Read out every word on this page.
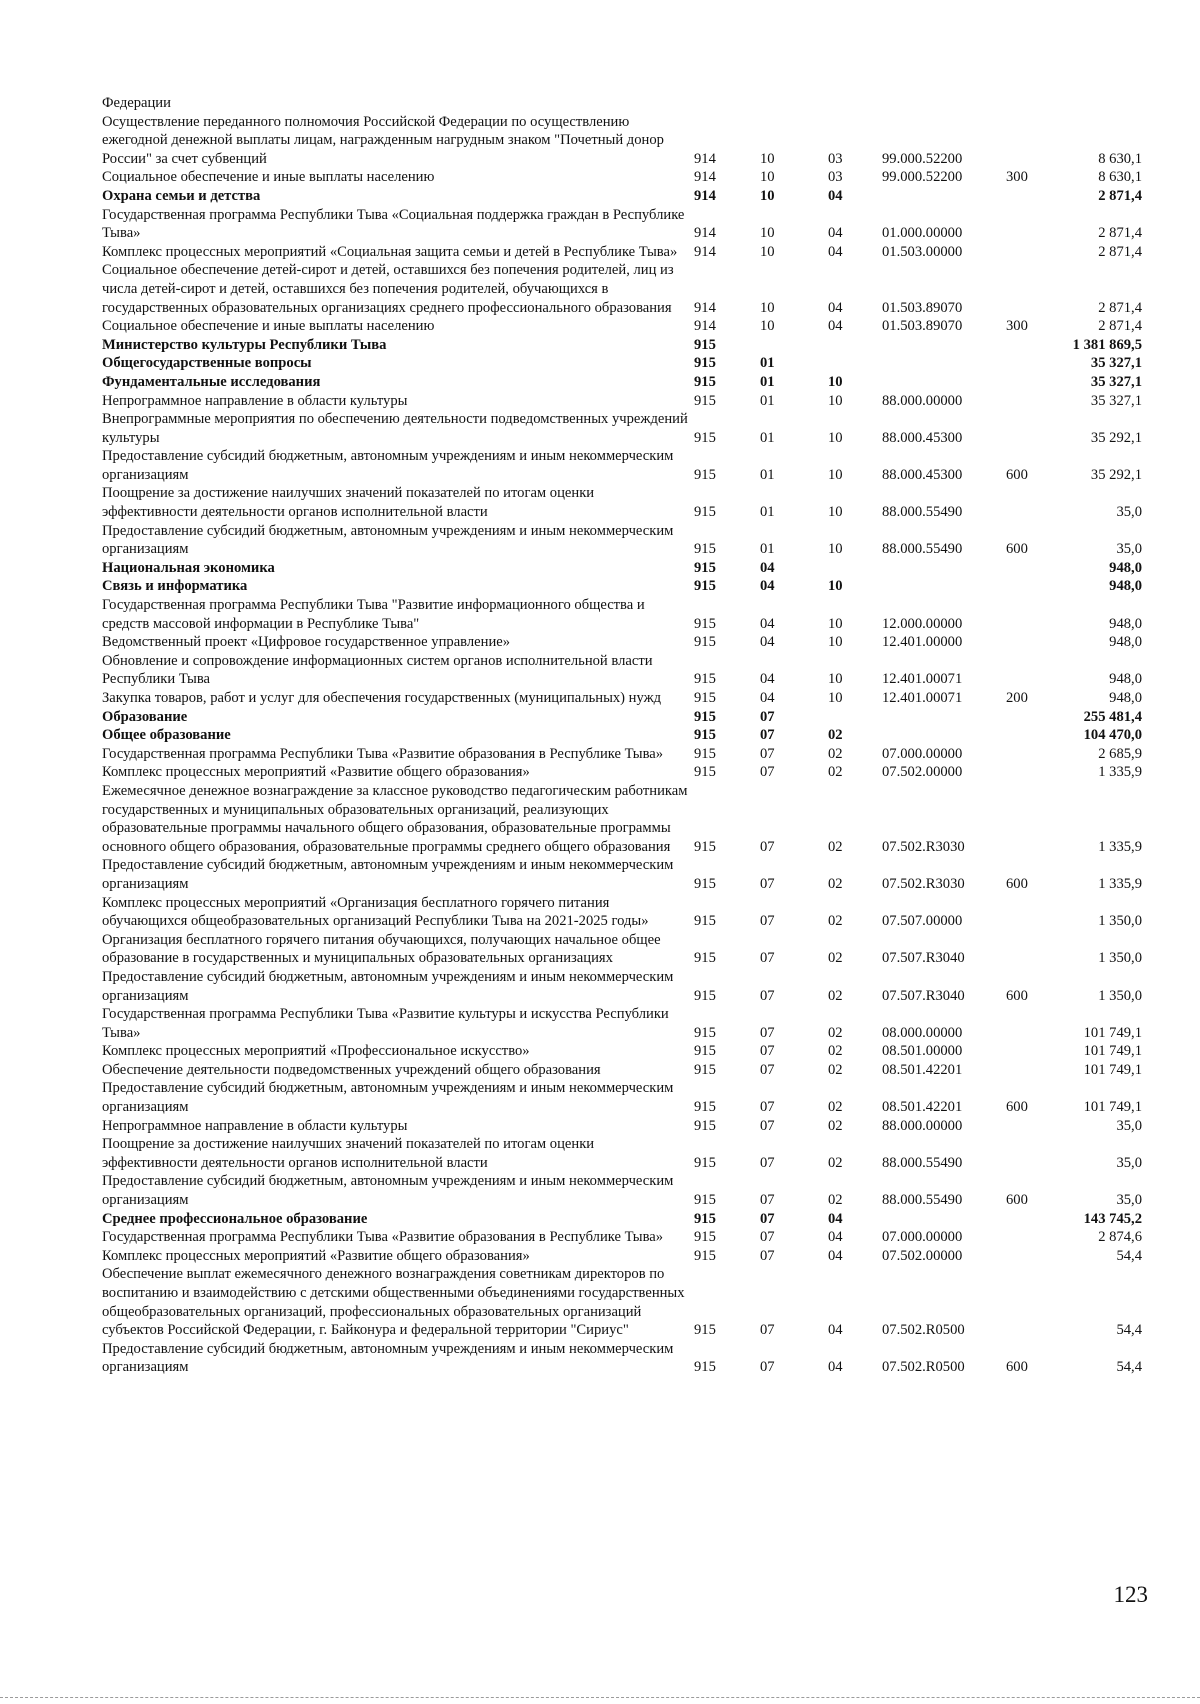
Федерации						
Осуществление переданного полномочия Российской Федерации по осуществлению ежегодной денежной выплаты лицам, награжденным нагрудным знаком "Почетный донор России" за счет субвенций	914	10	03	99.000.52200		8 630,1
Социальное обеспечение и иные выплаты населению	914	10	03	99.000.52200	300	8 630,1
Охрана семьи и детства	914	10	04			2 871,4
Государственная программа Республики Тыва «Социальная поддержка граждан в Республике Тыва»	914	10	04	01.000.00000		2 871,4
Комплекс процессных мероприятий «Социальная защита семьи и детей в Республике Тыва»	914	10	04	01.503.00000		2 871,4
Социальное обеспечение детей-сирот и детей, оставшихся без попечения родителей, лиц из числа детей-сирот и детей, оставшихся без попечения родителей, обучающихся в государственных образовательных организациях среднего профессионального образования	914	10	04	01.503.89070		2 871,4
Социальное обеспечение и иные выплаты населению	914	10	04	01.503.89070	300	2 871,4
Министерство культуры Республики Тыва	915					1 381 869,5
Общегосударственные вопросы	915	01				35 327,1
Фундаментальные исследования	915	01	10			35 327,1
Непрограммное направление в области культуры	915	01	10	88.000.00000		35 327,1
Внепрограммные мероприятия по обеспечению деятельности подведомственных учреждений культуры	915	01	10	88.000.45300		35 292,1
Предоставление субсидий бюджетным, автономным учреждениям и иным некоммерческим организациям	915	01	10	88.000.45300	600	35 292,1
Поощрение за достижение наилучших значений показателей по итогам оценки эффективности деятельности органов исполнительной власти	915	01	10	88.000.55490		35,0
Предоставление субсидий бюджетным, автономным учреждениям и иным некоммерческим организациям	915	01	10	88.000.55490	600	35,0
Национальная экономика	915	04				948,0
Связь и информатика	915	04	10			948,0
Государственная программа Республики Тыва "Развитие информационного общества и средств массовой информации в Республике Тыва"	915	04	10	12.000.00000		948,0
Ведомственный проект «Цифровое государственное управление»	915	04	10	12.401.00000		948,0
Обновление и сопровождение информационных систем органов исполнительной власти Республики Тыва	915	04	10	12.401.00071		948,0
Закупка товаров, работ и услуг для обеспечения государственных (муниципальных) нужд	915	04	10	12.401.00071	200	948,0
Образование	915	07				255 481,4
Общее образование	915	07	02			104 470,0
Государственная программа Республики Тыва «Развитие образования в Республике Тыва»	915	07	02	07.000.00000		2 685,9
Комплекс процессных мероприятий «Развитие общего образования»	915	07	02	07.502.00000		1 335,9
Ежемесячное денежное вознаграждение за классное руководство педагогическим работникам государственных и муниципальных образовательных организаций, реализующих образовательные программы начального общего образования, образовательные программы основного общего образования, образовательные программы среднего общего образования	915	07	02	07.502.R3030		1 335,9
Предоставление субсидий бюджетным, автономным учреждениям и иным некоммерческим организациям	915	07	02	07.502.R3030	600	1 335,9
Комплекс процессных мероприятий «Организация бесплатного горячего питания обучающихся общеобразовательных организаций Республики Тыва на 2021-2025 годы»	915	07	02	07.507.00000		1 350,0
Организация бесплатного горячего питания обучающихся, получающих начальное общее образование в государственных и муниципальных образовательных организациях	915	07	02	07.507.R3040		1 350,0
Предоставление субсидий бюджетным, автономным учреждениям и иным некоммерческим организациям	915	07	02	07.507.R3040	600	1 350,0
Государственная программа Республики Тыва «Развитие культуры и искусства Республики Тыва»	915	07	02	08.000.00000		101 749,1
Комплекс процессных мероприятий «Профессиональное искусство»	915	07	02	08.501.00000		101 749,1
Обеспечение деятельности подведомственных учреждений общего образования	915	07	02	08.501.42201		101 749,1
Предоставление субсидий бюджетным, автономным учреждениям и иным некоммерческим организациям	915	07	02	08.501.42201	600	101 749,1
Непрограммное направление в области культуры	915	07	02	88.000.00000		35,0
Поощрение за достижение наилучших значений показателей по итогам оценки эффективности деятельности органов исполнительной власти	915	07	02	88.000.55490		35,0
Предоставление субсидий бюджетным, автономным учреждениям и иным некоммерческим организациям	915	07	02	88.000.55490	600	35,0
Среднее профессиональное образование	915	07	04			143 745,2
Государственная программа Республики Тыва «Развитие образования в Республике Тыва»	915	07	04	07.000.00000		2 874,6
Комплекс процессных мероприятий «Развитие общего образования»	915	07	04	07.502.00000		54,4
Обеспечение выплат ежемесячного денежного вознаграждения советникам директоров по воспитанию и взаимодействию с детскими общественными объединениями государственных общеобразовательных организаций, профессиональных образовательных организаций субъектов Российской Федерации, г. Байконура и федеральной территории "Сириус"	915	07	04	07.502.R0500		54,4
Предоставление субсидий бюджетным, автономным учреждениям и иным некоммерческим организациям	915	07	04	07.502.R0500	600	54,4
123
